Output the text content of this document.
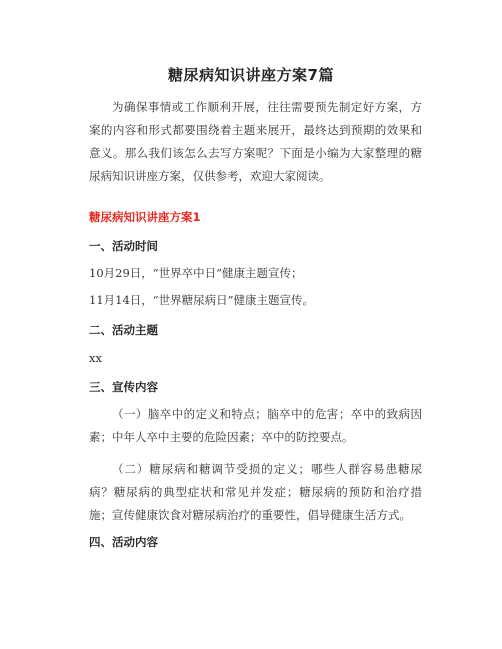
糖尿病知识讲座方案7篇

为确保事情或工作顺利开展，往往需要预先制定好方案，方案的内容和形式都要围绕着主题来展开，最终达到预期的效果和意义。那么我们该怎么去写方案呢？下面是小编为大家整理的糖尿病知识讲座方案，仅供参考，欢迎大家阅读。

糖尿病知识讲座方案1
一、活动时间
10月29日，“世界卒中日”健康主题宣传；
11月14日，“世界糖尿病日”健康主题宣传。
二、活动主题
xx
三、宣传内容

（一）脑卒中的定义和特点；脑卒中的危害；卒中的致病因素；中年人卒中主要的危险因素；卒中的防控要点。

（二）糖尿病和糖调节受损的定义；哪些人群容易患糖尿病？糖尿病的典型症状和常见并发症；糖尿病的预防和治疗措施；宣传健康饮食对糖尿病治疗的重要性，倡导健康生活方式。

四、活动内容
